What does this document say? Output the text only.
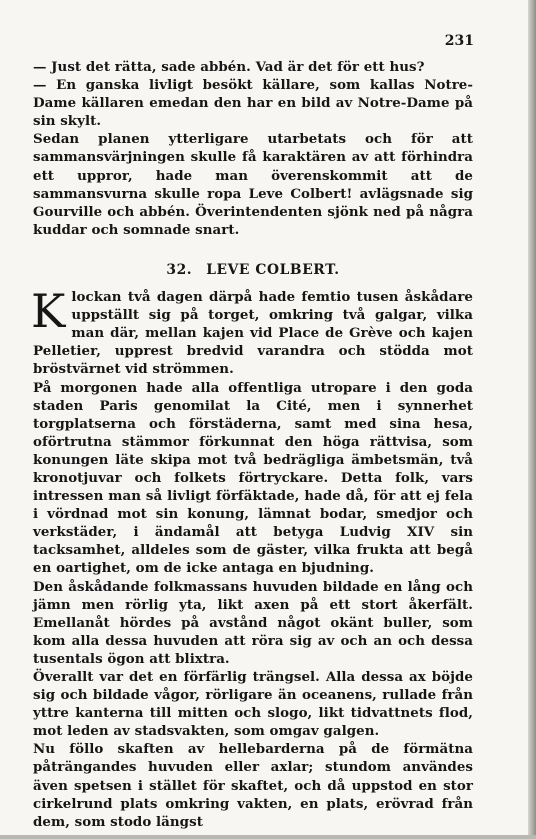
231

— Just det rätta, sade abbén. Vad är det för ett hus?

— En ganska livligt besökt källare, som kallas Notre-Dame källaren emedan den har en bild av Notre-Dame på sin skylt.

Sedan planen ytterligare utarbetats och för att sammansvärjningen skulle få karaktären av att förhindra ett uppror, hade man överenskommit att de sammansvurna skulle ropa Leve Colbert! avlägsnade sig Gourville och abbén. Överintendenten sjönk ned på några kuddar och somnade snart.

32. LEVE COLBERT.

Klockan två dagen därpå hade femtio tusen åskådare uppställt sig på torget, omkring två galgar, vilka man där, mellan kajen vid Place de Grève och kajen Pelletier, upprest bredvid varandra och stödda mot bröstvärnet vid strömmen.

På morgonen hade alla offentliga utropare i den goda staden Paris genomilat la Cité, men i synnerhet torgplatserna och förstäderna, samt med sina hesa, oförtrutna stämmor förkunnat den höga rättvisa, som konungen läte skipa mot två bedrägliga ämbetsmän, två kronotjuvar och folkets förtryckare. Detta folk, vars intressen man så livligt förfäktade, hade då, för att ej fela i vördnad mot sin konung, lämnat bodar, smedjor och verkstäder, i ändamål att betyga Ludvig XIV sin tacksamhet, alldeles som de gäster, vilka frukta att begå en oartighet, om de icke antaga en bjudning.

Den åskådande folkmassans huvuden bildade en lång och jämn men rörlig yta, likt axen på ett stort åkerfält. Emellanåt hördes på avstånd något okänt buller, som kom alla dessa huvuden att röra sig av och an och dessa tusentals ögon att blixtra.

Överallt var det en förfärlig trängsel. Alla dessa ax böjde sig och bildade vågor, rörligare än oceanens, rullade från yttre kanterna till mitten och slogo, likt tidvattnets flod, mot leden av stadsvakten, som omgav galgen.

Nu föllo skaften av hellebarderna på de förmätna påträngandes huvuden eller axlar; stundom användes även spetsen i stället för skaftet, och då uppstod en stor cirkelrund plats omkring vakten, en plats, erövrad från dem, som stodo längst
